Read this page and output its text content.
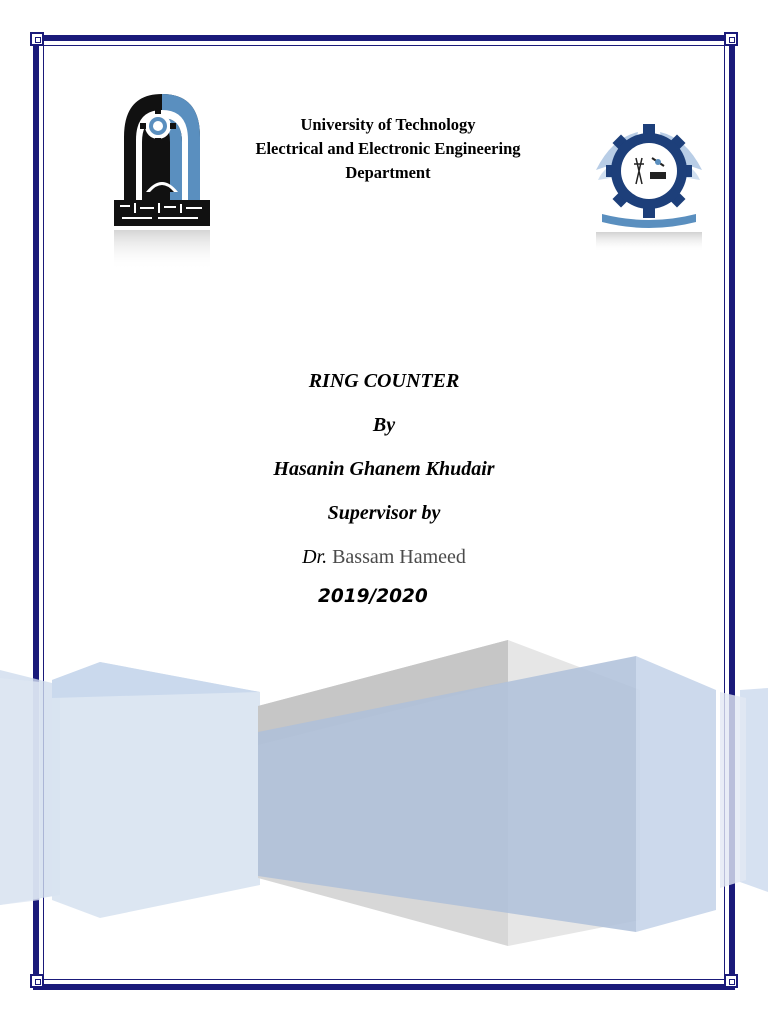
University of Technology
Electrical and Electronic Engineering
Department
RING COUNTER
By
Hasanin Ghanem Khudair
Supervisor by
Dr. Bassam Hameed
2019/2020
